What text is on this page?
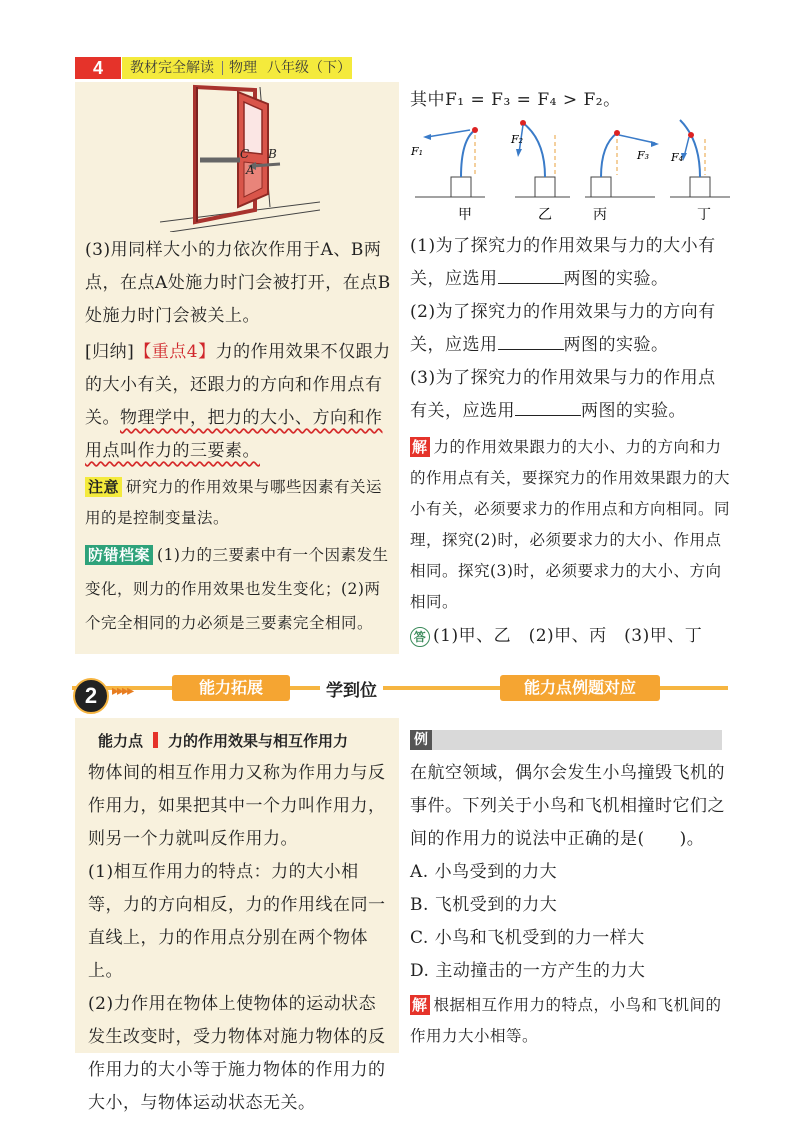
4	教材完全解读 物理 八年级（下）
C
A
B

(3)用同样大小的力依次作用于A、B两点，在点A处施力时门会被打开，在点B处施力时门会被关上。

[归纳]【重点4】力的作用效果不仅跟力的大小有关，还跟力的方向和作用点有关。物理学中，把力的大小、方向和作用点叫作力的三要素。

注意 研究力的作用效果与哪些因素有关运用的是控制变量法。

防错档案 (1)力的三要素中有一个因素发生变化，则力的作用效果也发生变化；(2)两个完全相同的力必须是三要素完全相同。

其中F₁ = F₃ = F₄ > F₂。
F₁
甲
F₂
乙
F₃
丙
F₄
丁

(1)为了探究力的作用效果与力的大小有关，应选用	两图的实验。

(2)为了探究力的作用效果与力的方向有关，应选用	两图的实验。

(3)为了探究力的作用效果与力的作用点有关，应选用	两图的实验。

解 力的作用效果跟力的大小、力的方向和力的作用点有关，要探究力的作用效果跟力的大小有关，必须要求力的作用点和方向相同。同理，探究(2)时，必须要求力的大小、作用点相同。探究(3)时，必须要求力的大小、方向相同。

答 (1)甲、乙　(2)甲、丙　(3)甲、丁

2	▸▸▸▸	能力拓展	学到位	能力点例题对应
能力点 力的作用效果与相互作用力

物体间的相互作用力又称为作用力与反作用力，如果把其中一个力叫作用力，则另一个力就叫反作用力。

(1)相互作用力的特点：力的大小相等，力的方向相反，力的作用线在同一直线上，力的作用点分别在两个物体上。

(2)力作用在物体上使物体的运动状态发生改变时，受力物体对施力物体的反作用力的大小等于施力物体的作用力的大小，与物体运动状态无关。

例

在航空领域，偶尔会发生小鸟撞毁飞机的事件。下列关于小鸟和飞机相撞时它们之间的作用力的说法中正确的是(　　)。

A. 小鸟受到的力大

B. 飞机受到的力大

C. 小鸟和飞机受到的力一样大

D. 主动撞击的一方产生的力大

解 根据相互作用力的特点，小鸟和飞机间的作用力大小相等。
